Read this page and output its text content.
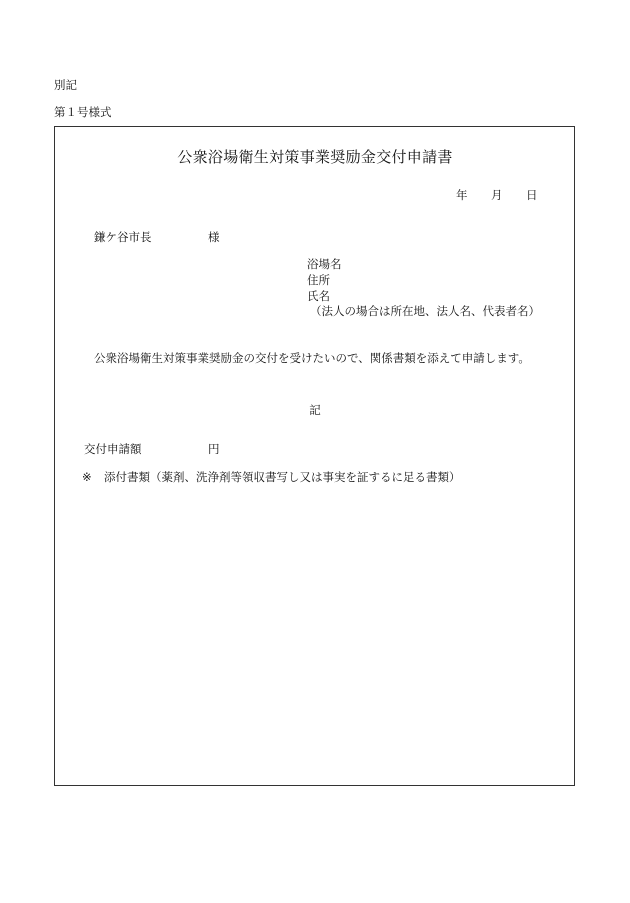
別記
第１号様式
公衆浴場衛生対策事業奨励金交付申請書
年 月 日
鎌ケ谷市長	様
浴場名
住所
氏名
（法人の場合は所在地、法人名、代表者名）
公衆浴場衛生対策事業奨励金の交付を受けたいので、関係書類を添えて申請します。
記
交付申請額	円
※ 添付書類（薬剤、洗浄剤等領収書写し又は事実を証するに足る書類）
